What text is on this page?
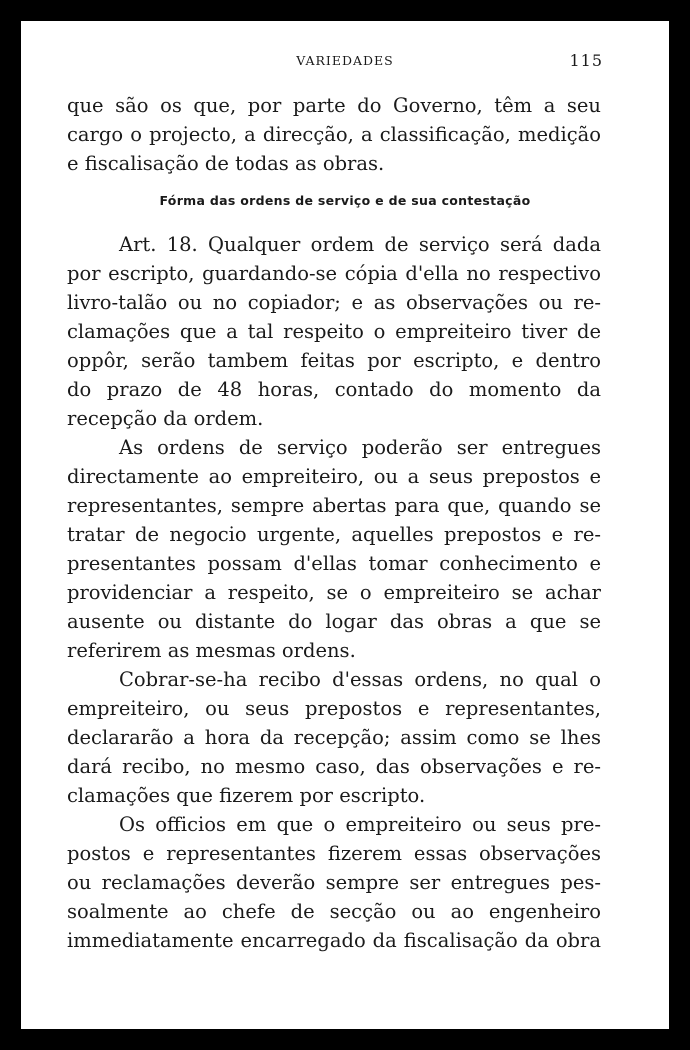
VARIEDADES	115
que são os que, por parte do Governo, têm a seu
cargo o projecto, a direcção, a classificação, medição
e fiscalisação de todas as obras.
Fórma das ordens de serviço e de sua contestação
Art. 18. Qualquer ordem de serviço será dada
por escripto, guardando-se cópia d'ella no respectivo
livro-talão ou no copiador; e as observações ou re-
clamações que a tal respeito o empreiteiro tiver de
oppôr, serão tambem feitas por escripto, e dentro
do prazo de 48 horas, contado do momento da
recepção da ordem.
As ordens de serviço poderão ser entregues
directamente ao empreiteiro, ou a seus prepostos e
representantes, sempre abertas para que, quando se
tratar de negocio urgente, aquelles prepostos e re-
presentantes possam d'ellas tomar conhecimento e
providenciar a respeito, se o empreiteiro se achar
ausente ou distante do logar das obras a que se
referirem as mesmas ordens.
Cobrar-se-ha recibo d'essas ordens, no qual o
empreiteiro, ou seus prepostos e representantes,
declararão a hora da recepção; assim como se lhes
dará recibo, no mesmo caso, das observações e re-
clamações que fizerem por escripto.
Os officios em que o empreiteiro ou seus pre-
postos e representantes fizerem essas observações
ou reclamações deverão sempre ser entregues pes-
soalmente ao chefe de secção ou ao engenheiro
immediatamente encarregado da fiscalisação da obra
